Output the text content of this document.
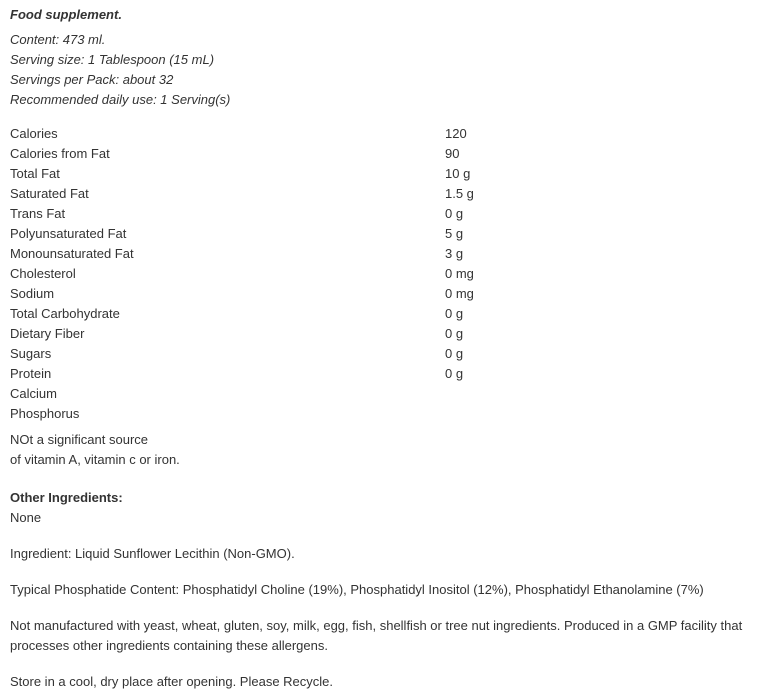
Food supplement.
Content: 473 ml.
Serving size: 1 Tablespoon (15 mL)
Servings per Pack: about 32
Recommended daily use: 1 Serving(s)
Calories	120
Calories from Fat	90
Total Fat	10 g
Saturated Fat	1.5 g
Trans Fat	0 g
Polyunsaturated Fat	5 g
Monounsaturated Fat	3 g
Cholesterol	0 mg
Sodium	0 mg
Total Carbohydrate	0 g
Dietary Fiber	0 g
Sugars	0 g
Protein	0 g
Calcium	
Phosphorus	
NOt a significant source
of vitamin A, vitamin c or iron.
Other Ingredients:
None
Ingredient: Liquid Sunflower Lecithin (Non-GMO).
Typical Phosphatide Content: Phosphatidyl Choline (19%), Phosphatidyl Inositol (12%), Phosphatidyl Ethanolamine (7%)
Not manufactured with yeast, wheat, gluten, soy, milk, egg, fish, shellfish or tree nut ingredients. Produced in a GMP facility that processes other ingredients containing these allergens.
Store in a cool, dry place after opening. Please Recycle.
